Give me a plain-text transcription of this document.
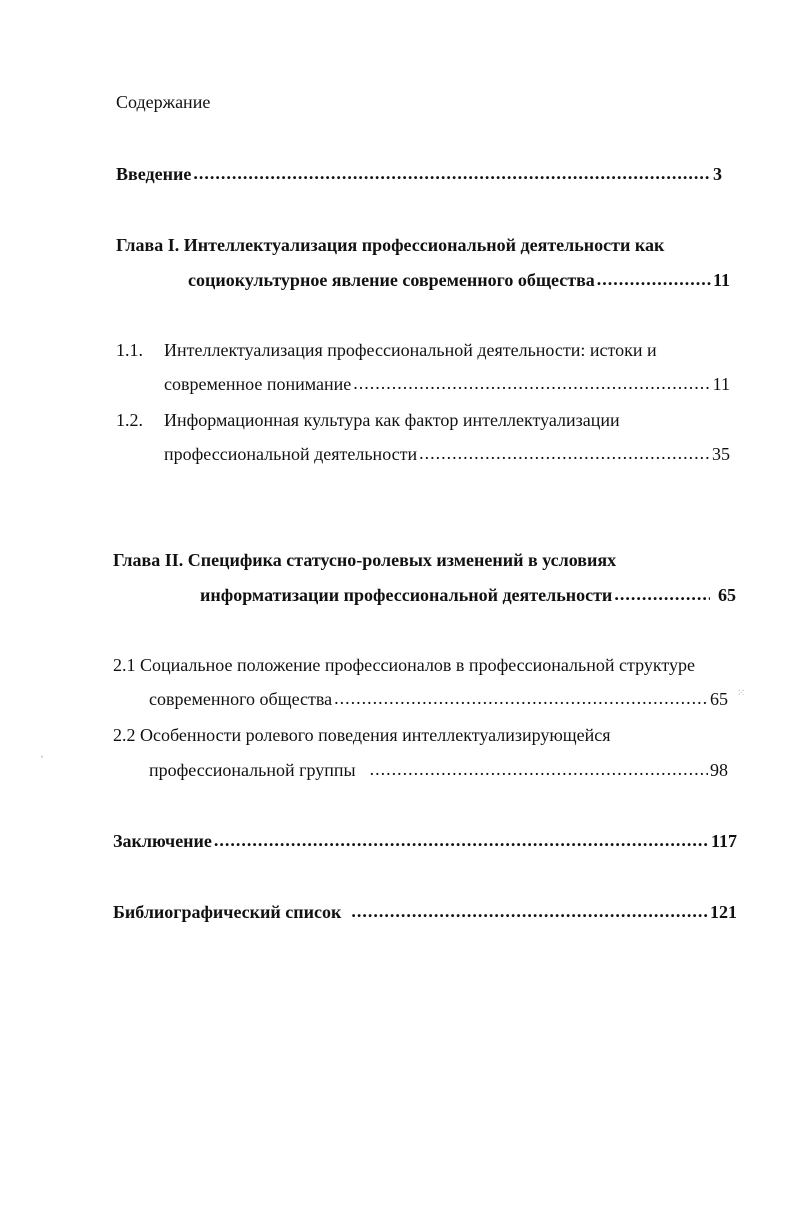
Содержание
Введение .....	3
Глава I. Интеллектуализация профессиональной деятельности как
социокультурное явление современного общества .....	11
1.1. Интеллектуализация профессиональной деятельности: истоки и
современное понимание .....	11
1.2. Информационная культура как фактор интеллектуализации
профессиональной деятельности .....	35
Глава II. Специфика статусно-ролевых изменений в условиях
информатизации профессиональной деятельности .....	65
2.1 Социальное положение профессионалов в профессиональной структуре
современного общества .....	65
2.2 Особенности ролевого поведения интеллектуализирующейся
профессиональной группы .....	98
Заключение .....	117
Библиографический список .....	121
ˌ
⁙
